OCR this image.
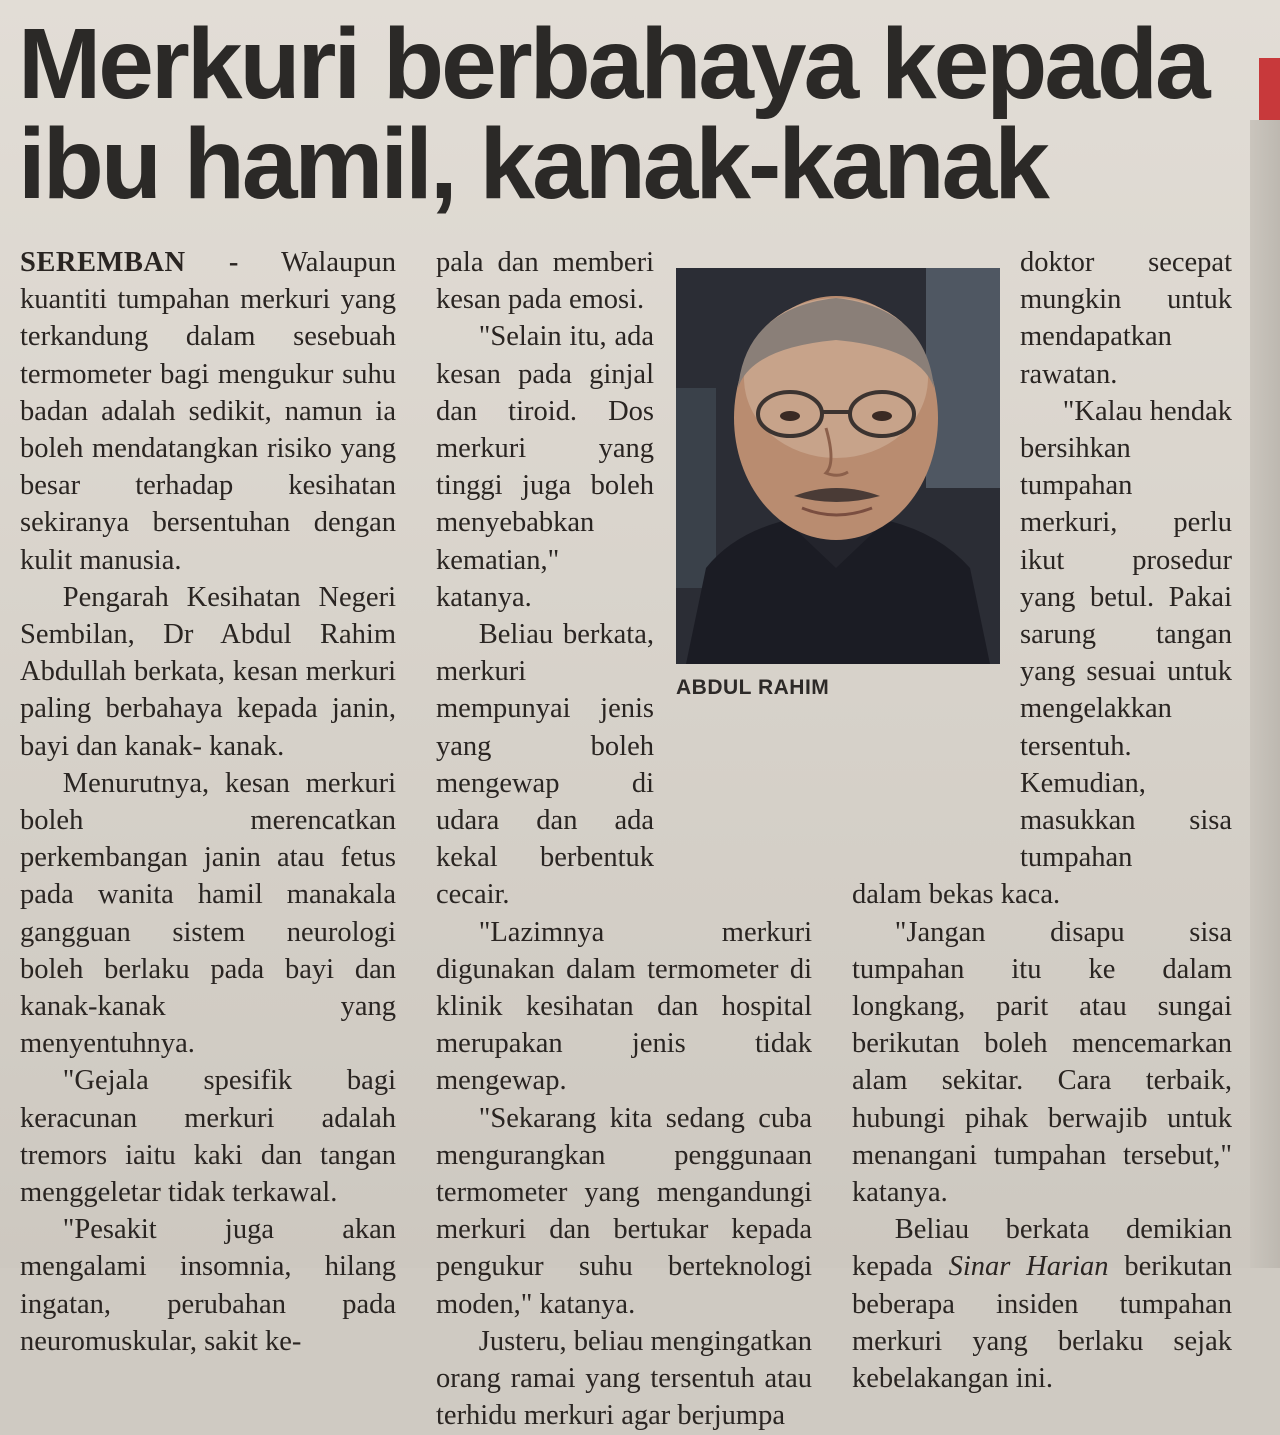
Merkuri berbahaya kepada
ibu hamil, kanak-kanak

SEREMBAN - Walaupun kuantiti tumpahan merkuri yang terkandung dalam sesebuah termometer bagi mengukur suhu badan adalah sedikit, namun ia boleh mendatangkan risiko yang besar terhadap kesihatan sekiranya bersentuhan dengan kulit manusia.

Pengarah Kesihatan Negeri Sembilan, Dr Abdul Rahim Abdullah berkata, kesan merkuri paling berbahaya kepada janin, bayi dan kanak- kanak.

Menurutnya, kesan merkuri boleh merencatkan perkembangan janin atau fetus pada wanita hamil manakala gangguan sistem neurologi boleh berlaku pada bayi dan kanak-kanak yang menyentuhnya.

"Gejala spesifik bagi keracunan merkuri adalah tremors iaitu kaki dan tangan menggeletar tidak terkawal.

"Pesakit juga akan mengalami insomnia, hilang ingatan, perubahan pada neuromuskular, sakit ke-

pala dan memberi kesan pada emosi.

"Selain itu, ada kesan pada ginjal dan tiroid. Dos merkuri yang tinggi juga boleh menyebabkan kematian," katanya.

Beliau berkata, merkuri mempunyai jenis yang boleh mengewap di udara dan ada kekal berbentuk cecair.

"Lazimnya merkuri digunakan dalam termometer di klinik kesihatan dan hospital merupakan jenis tidak mengewap.

"Sekarang kita sedang cuba mengurangkan penggunaan termometer yang mengandungi merkuri dan bertukar kepada pengukur suhu berteknologi moden," katanya.

Justeru, beliau mengingatkan orang ramai yang tersentuh atau terhidu merkuri agar berjumpa

doktor secepat mungkin untuk mendapatkan rawatan.

"Kalau hendak bersihkan tumpahan merkuri, perlu ikut prosedur yang betul. Pakai sarung tangan yang sesuai untuk mengelakkan tersentuh. Kemudian, masukkan sisa tumpahan

dalam bekas kaca.

"Jangan disapu sisa tumpahan itu ke dalam longkang, parit atau sungai berikutan boleh mencemarkan alam sekitar. Cara terbaik, hubungi pihak berwajib untuk menangani tumpahan tersebut," katanya.

Beliau berkata demikian kepada Sinar Harian berikutan beberapa insiden tumpahan merkuri yang berlaku sejak kebelakangan ini.

ABDUL RAHIM
